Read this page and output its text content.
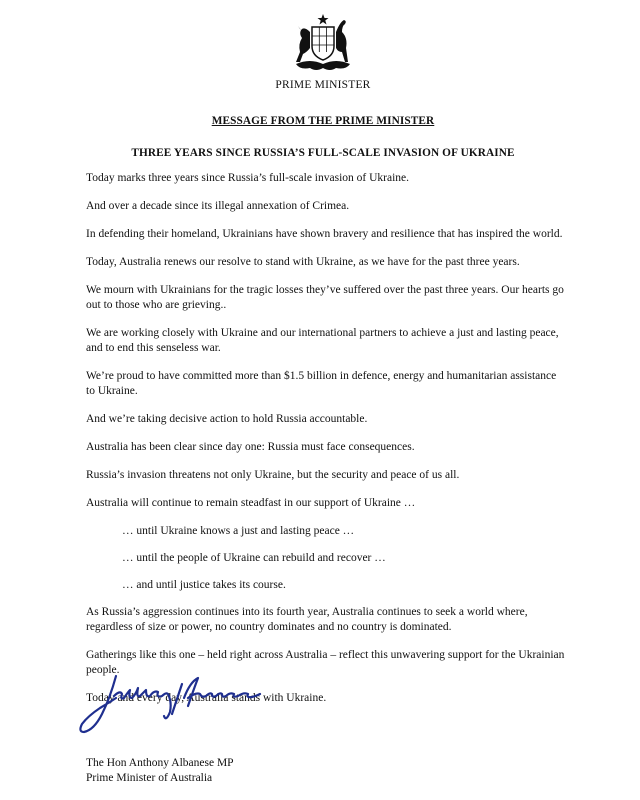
PRIME MINISTER
MESSAGE FROM THE PRIME MINISTER
THREE YEARS SINCE RUSSIA’S FULL-SCALE INVASION OF UKRAINE

Today marks three years since Russia’s full-scale invasion of Ukraine.

And over a decade since its illegal annexation of Crimea.

In defending their homeland, Ukrainians have shown bravery and resilience that has inspired the world.

Today, Australia renews our resolve to stand with Ukraine, as we have for the past three years.

We mourn with Ukrainians for the tragic losses they’ve suffered over the past three years. Our hearts go out to those who are grieving..

We are working closely with Ukraine and our international partners to achieve a just and lasting peace, and to end this senseless war.

We’re proud to have committed more than $1.5 billion in defence, energy and humanitarian assistance to Ukraine.

And we’re taking decisive action to hold Russia accountable.

Australia has been clear since day one: Russia must face consequences.

Russia’s invasion threatens not only Ukraine, but the security and peace of us all.

Australia will continue to remain steadfast in our support of Ukraine …

… until Ukraine knows a just and lasting peace …

… until the people of Ukraine can rebuild and recover …

… and until justice takes its course.

As Russia’s aggression continues into its fourth year, Australia continues to seek a world where, regardless of size or power, no country dominates and no country is dominated.

Gatherings like this one – held right across Australia – reflect this unwavering support for the Ukrainian people.

Today and every day, Australia stands with Ukraine.

The Hon Anthony Albanese MP
Prime Minister of Australia
